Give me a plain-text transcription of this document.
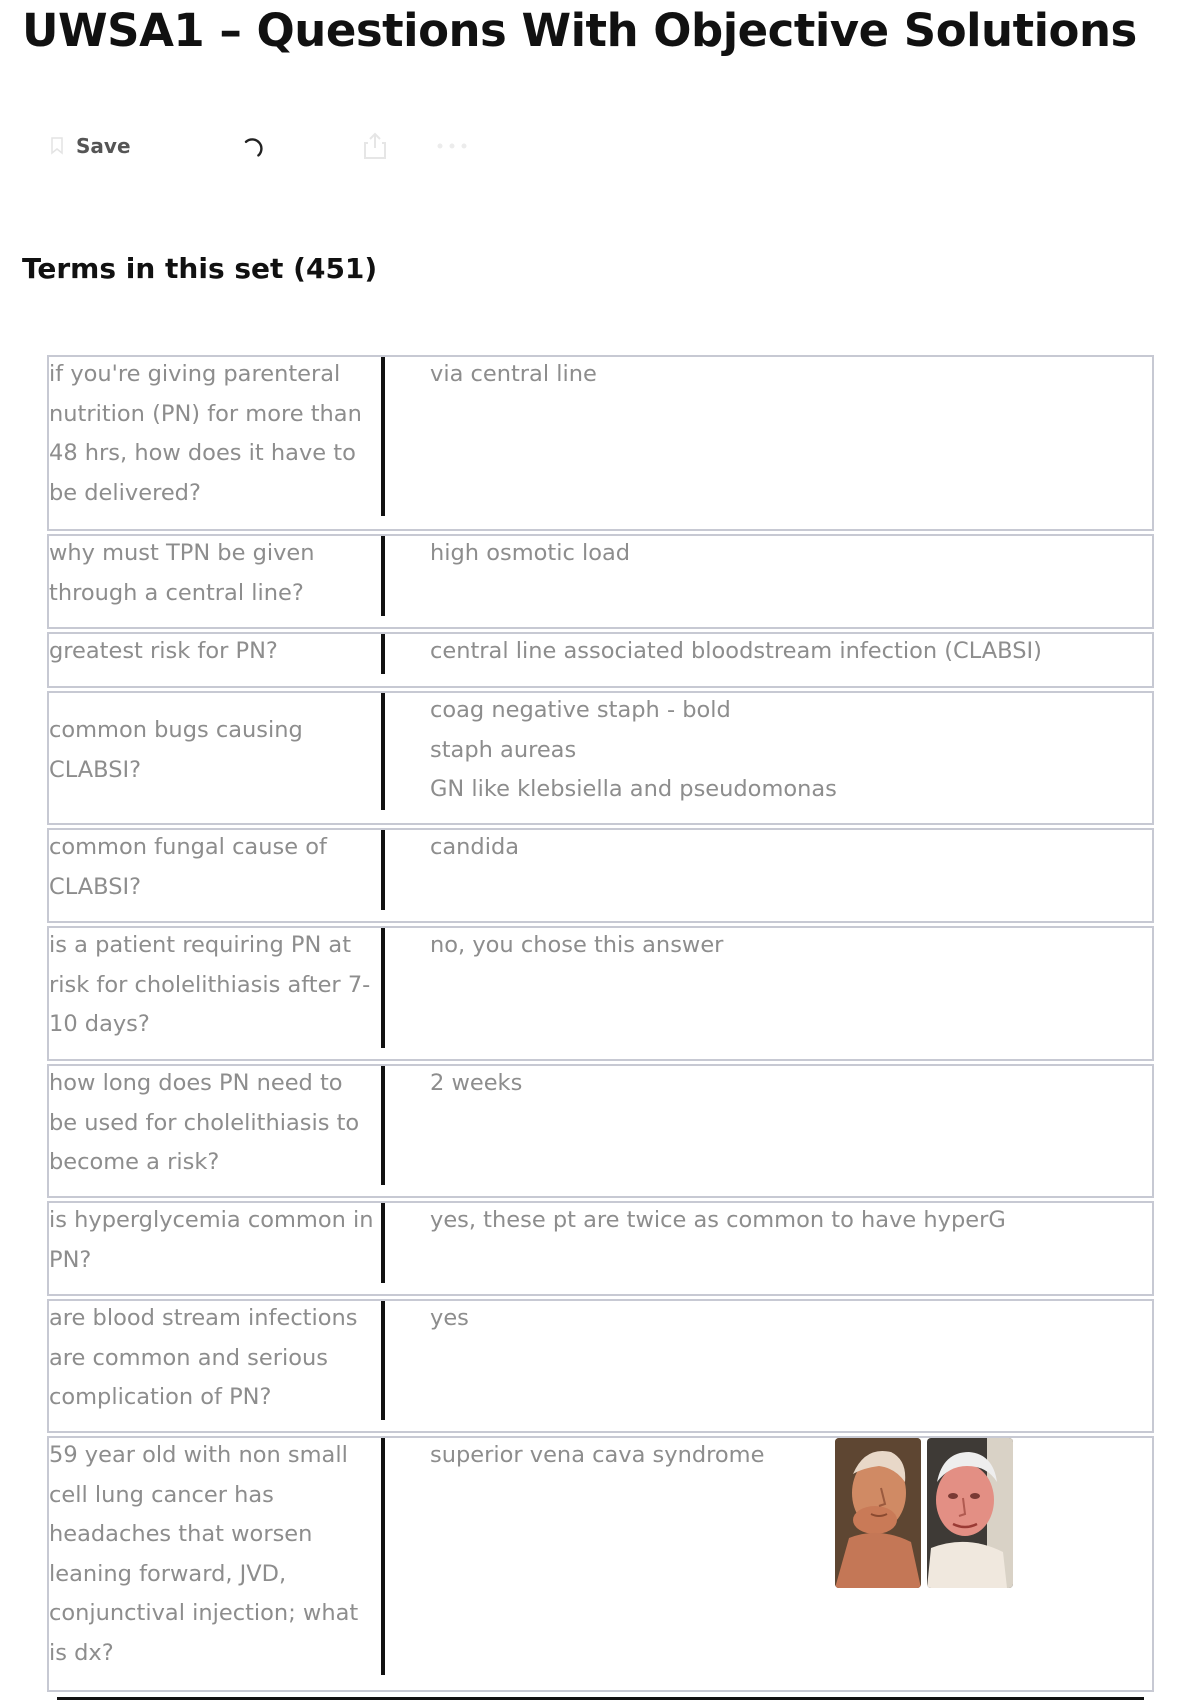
UWSA1 – Questions With Objective Solutions
Save
Terms in this set (451)
if you're giving parenteral nutrition (PN) for more than 48 hrs, how does it have to be delivered?
via central line
why must TPN be given through a central line?
high osmotic load
greatest risk for PN?	central line associated bloodstream infection (CLABSI)
common bugs causing CLABSI?
coag negative staph - bold
staph aureas
GN like klebsiella and pseudomonas
common fungal cause of CLABSI?
candida
is a patient requiring PN at risk for cholelithiasis after 7-10 days?
no, you chose this answer
how long does PN need to be used for cholelithiasis to become a risk?
2 weeks
is hyperglycemia common in PN?
yes, these pt are twice as common to have hyperG
are blood stream infections are common and serious complication of PN?
yes
59 year old with non small cell lung cancer has headaches that worsen leaning forward, JVD, conjunctival injection; what is dx?
superior vena cava syndrome
